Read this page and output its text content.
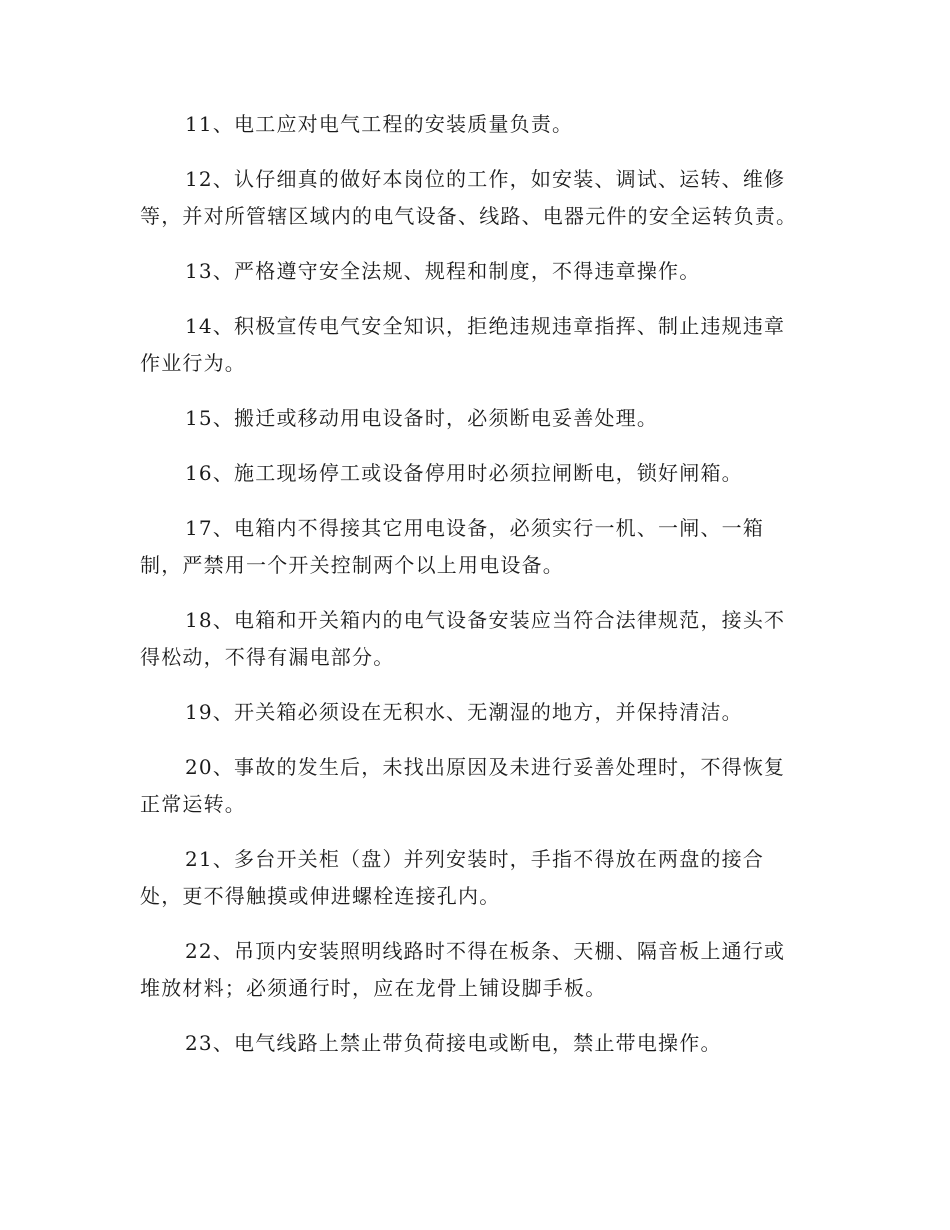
11、电工应对电气工程的安装质量负责。

12、认仔细真的做好本岗位的工作，如安装、调试、运转、维修等，并对所管辖区域内的电气设备、线路、电器元件的安全运转负责。

13、严格遵守安全法规、规程和制度，不得违章操作。

14、积极宣传电气安全知识，拒绝违规违章指挥、制止违规违章作业行为。

15、搬迁或移动用电设备时，必须断电妥善处理。

16、施工现场停工或设备停用时必须拉闸断电，锁好闸箱。

17、电箱内不得接其它用电设备，必须实行一机、一闸、一箱制，严禁用一个开关控制两个以上用电设备。

18、电箱和开关箱内的电气设备安装应当符合法律规范，接头不得松动，不得有漏电部分。

19、开关箱必须设在无积水、无潮湿的地方，并保持清洁。

20、事故的发生后，未找出原因及未进行妥善处理时，不得恢复正常运转。

21、多台开关柜（盘）并列安装时，手指不得放在两盘的接合处，更不得触摸或伸进螺栓连接孔内。

22、吊顶内安装照明线路时不得在板条、天棚、隔音板上通行或堆放材料；必须通行时，应在龙骨上铺设脚手板。

23、电气线路上禁止带负荷接电或断电，禁止带电操作。
